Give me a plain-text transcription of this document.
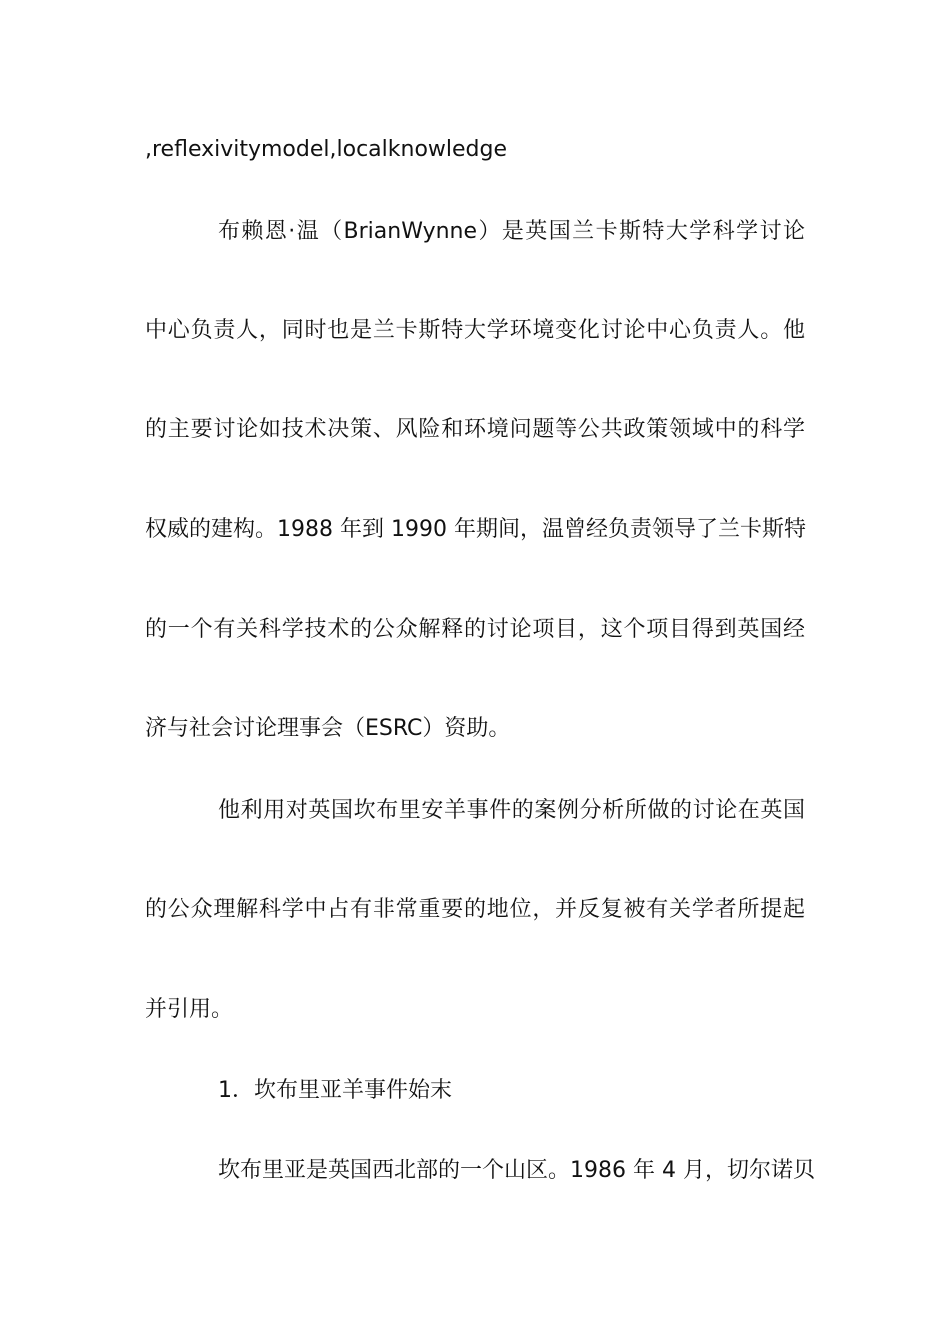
,reflexivitymodel,localknowledge
布赖恩·温（BrianWynne）是英国兰卡斯特大学科学讨论
中心负责人，同时也是兰卡斯特大学环境变化讨论中心负责人。他
的主要讨论如技术决策、风险和环境问题等公共政策领域中的科学
权威的建构。1988 年到 1990 年期间，温曾经负责领导了兰卡斯特
的一个有关科学技术的公众解释的讨论项目，这个项目得到英国经
济与社会讨论理事会（ESRC）资助。
他利用对英国坎布里安羊事件的案例分析所做的讨论在英国
的公众理解科学中占有非常重要的地位，并反复被有关学者所提起
并引用。
1．坎布里亚羊事件始末
坎布里亚是英国西北部的一个山区。1986 年 4 月，切尔诺贝
